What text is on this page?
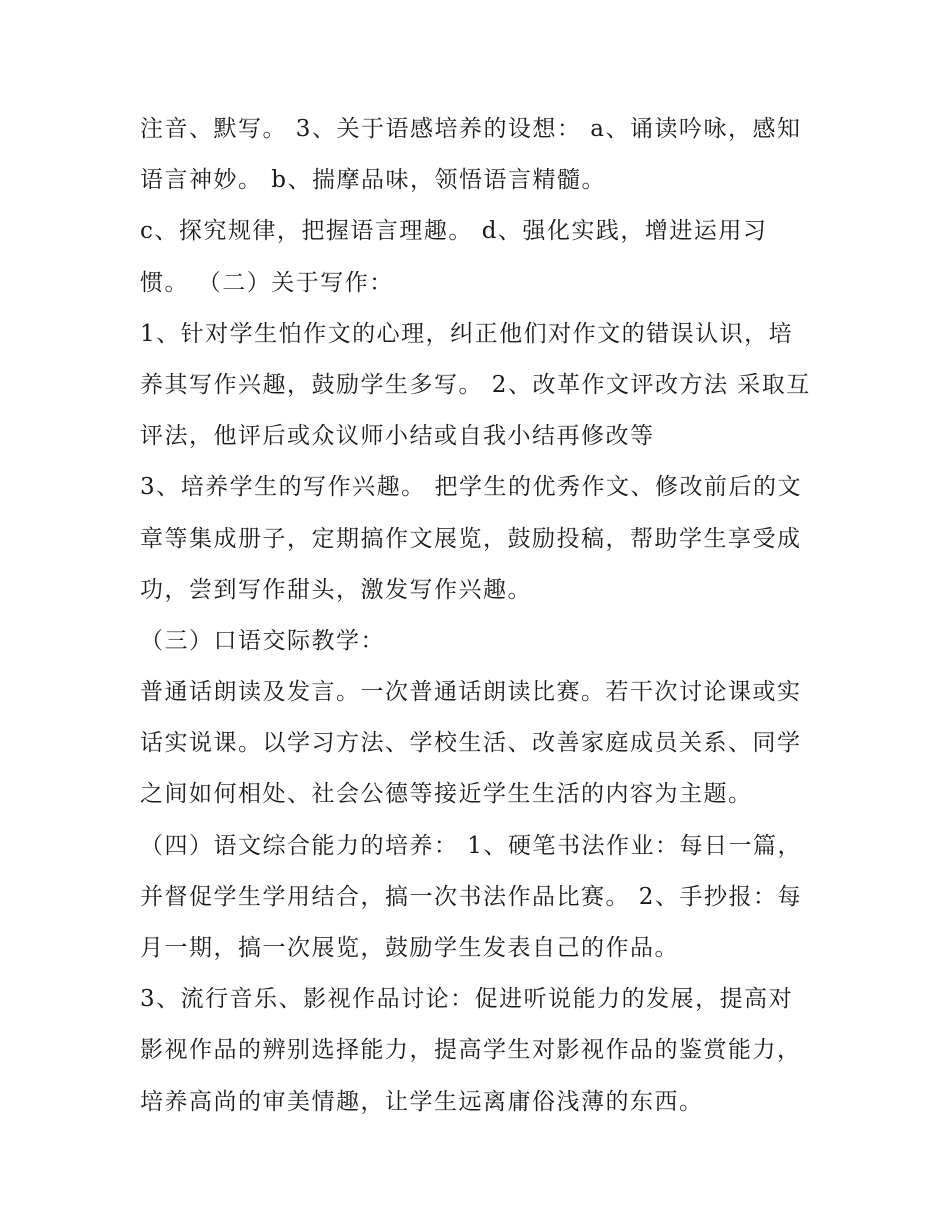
注音、默写。 3、关于语感培养的设想： a、诵读吟咏，感知
语言神妙。 b、揣摩品味，领悟语言精髓。
c、探究规律，把握语言理趣。 d、强化实践，增进运用习
惯。 （二）关于写作：
1、针对学生怕作文的心理，纠正他们对作文的错误认识，培
养其写作兴趣，鼓励学生多写。 2、改革作文评改方法 采取互
评法，他评后或众议师小结或自我小结再修改等
3、培养学生的写作兴趣。 把学生的优秀作文、修改前后的文
章等集成册子，定期搞作文展览，鼓励投稿，帮助学生享受成
功，尝到写作甜头，激发写作兴趣。
（三）口语交际教学：
普通话朗读及发言。一次普通话朗读比赛。若干次讨论课或实
话实说课。以学习方法、学校生活、改善家庭成员关系、同学
之间如何相处、社会公德等接近学生生活的内容为主题。
（四）语文综合能力的培养： 1、硬笔书法作业：每日一篇，
并督促学生学用结合，搞一次书法作品比赛。 2、手抄报：每
月一期，搞一次展览，鼓励学生发表自己的作品。
3、流行音乐、影视作品讨论：促进听说能力的发展，提高对
影视作品的辨别选择能力，提高学生对影视作品的鉴赏能力，
培养高尚的审美情趣，让学生远离庸俗浅薄的东西。
